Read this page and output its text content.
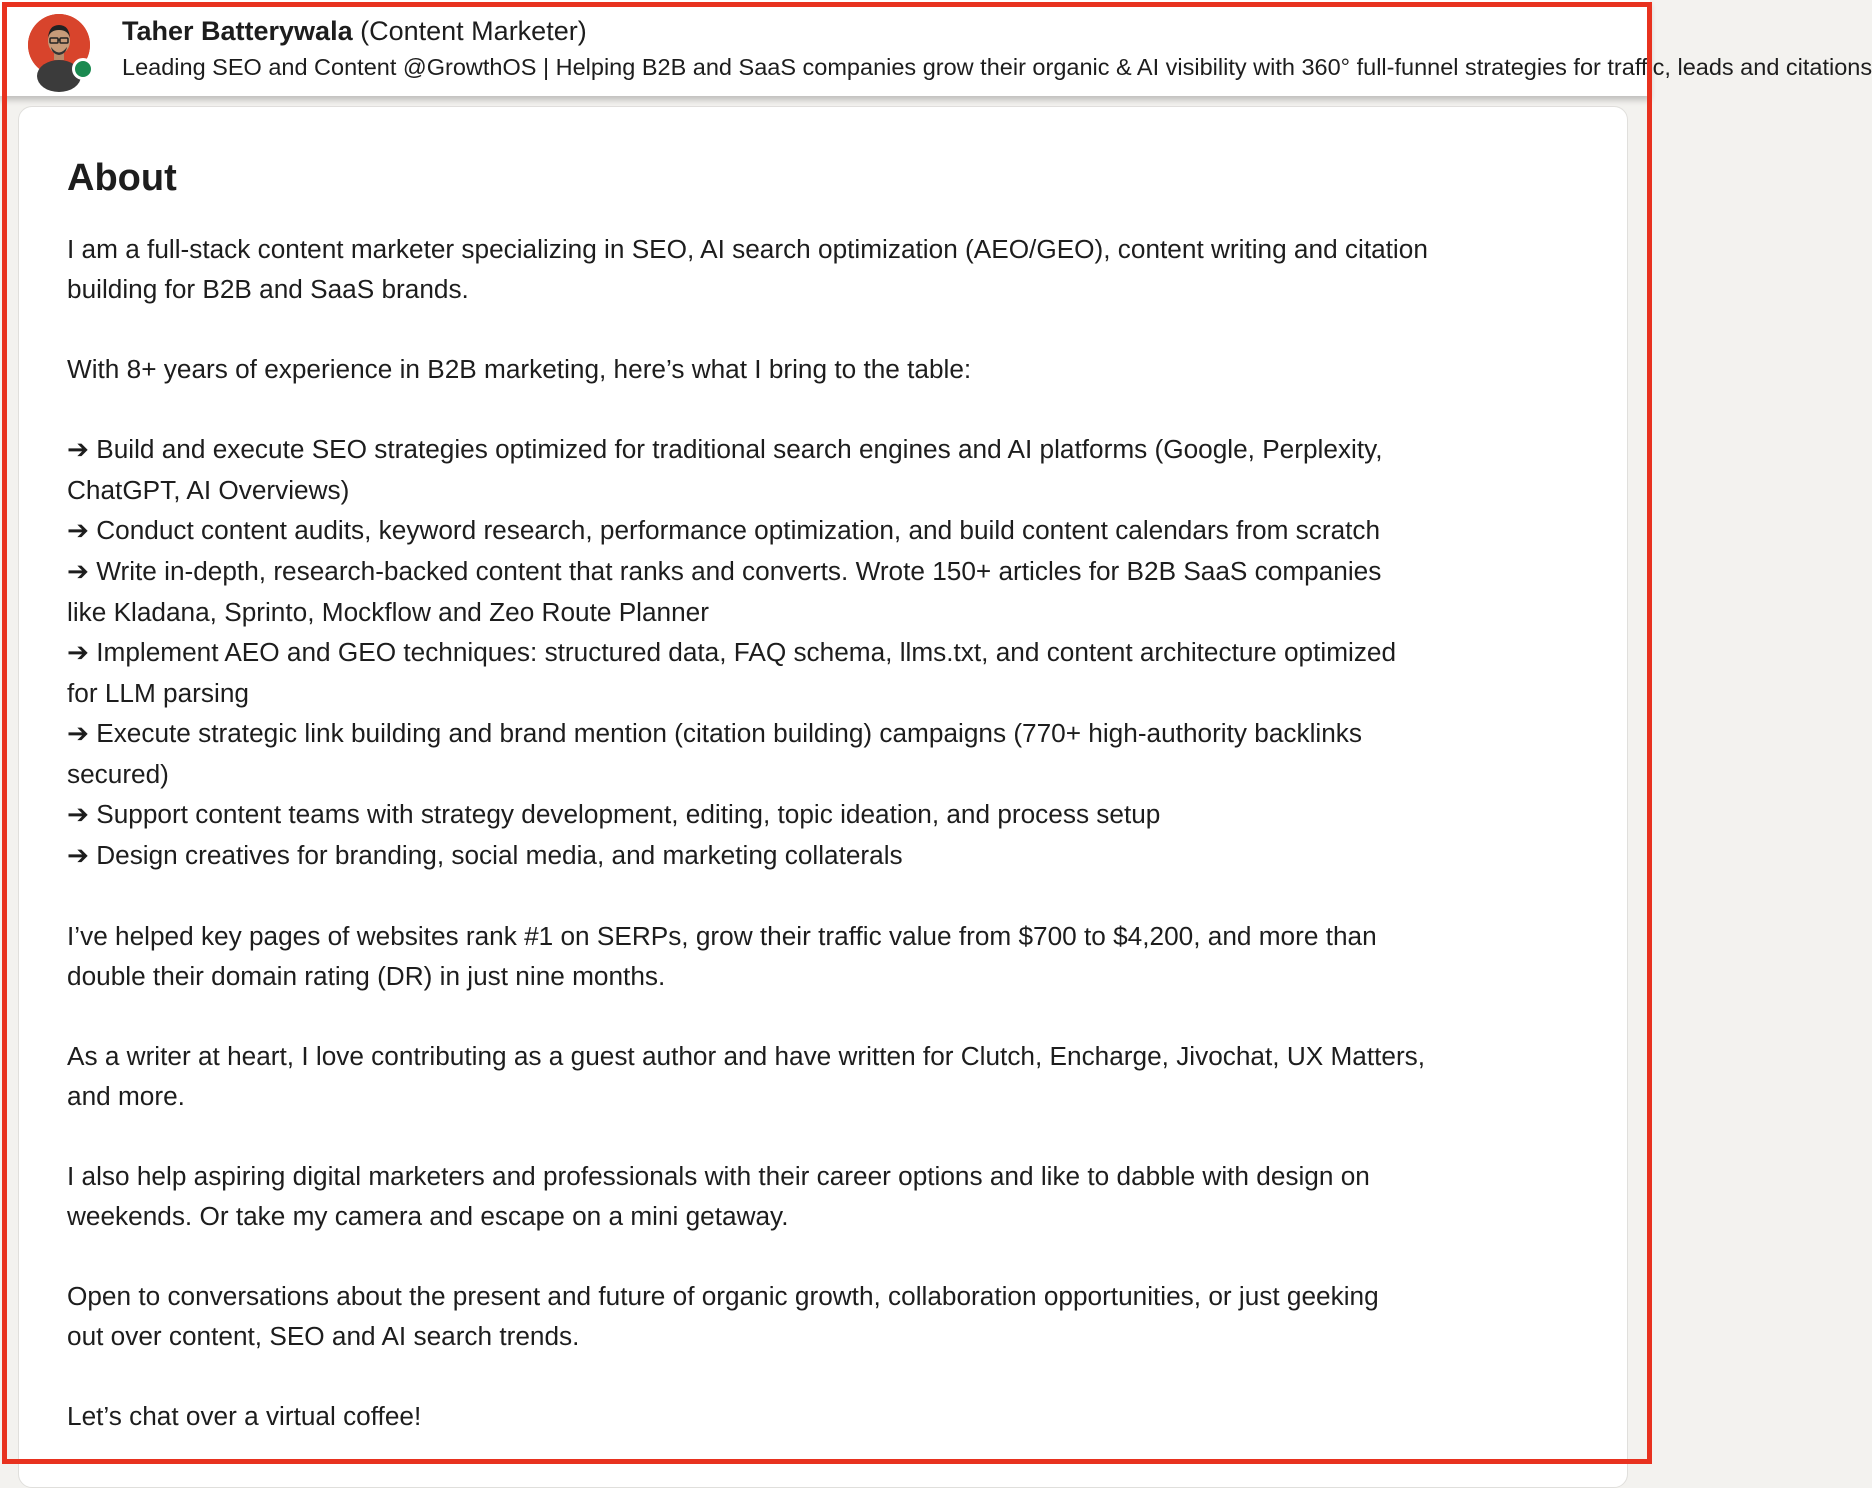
Taher Batterywala (Content Marketer)
Leading SEO and Content @GrowthOS | Helping B2B and SaaS companies grow their organic & AI visibility with 360° full-funnel strategies for traffic, leads and citations
About

I am a full-stack content marketer specializing in SEO, AI search optimization (AEO/GEO), content writing and citation

building for B2B and SaaS brands.

With 8+ years of experience in B2B marketing, here’s what I bring to the table:

➔ Build and execute SEO strategies optimized for traditional search engines and AI platforms (Google, Perplexity,

ChatGPT, AI Overviews)

➔ Conduct content audits, keyword research, performance optimization, and build content calendars from scratch

➔ Write in-depth, research-backed content that ranks and converts. Wrote 150+ articles for B2B SaaS companies

like Kladana, Sprinto, Mockflow and Zeo Route Planner

➔ Implement AEO and GEO techniques: structured data, FAQ schema, llms.txt, and content architecture optimized

for LLM parsing

➔ Execute strategic link building and brand mention (citation building) campaigns (770+ high-authority backlinks

secured)

➔ Support content teams with strategy development, editing, topic ideation, and process setup

➔ Design creatives for branding, social media, and marketing collaterals

I’ve helped key pages of websites rank #1 on SERPs, grow their traffic value from $700 to $4,200, and more than

double their domain rating (DR) in just nine months.

As a writer at heart, I love contributing as a guest author and have written for Clutch, Encharge, Jivochat, UX Matters,

and more.

I also help aspiring digital marketers and professionals with their career options and like to dabble with design on

weekends. Or take my camera and escape on a mini getaway.

Open to conversations about the present and future of organic growth, collaboration opportunities, or just geeking

out over content, SEO and AI search trends.

Let’s chat over a virtual coffee!
